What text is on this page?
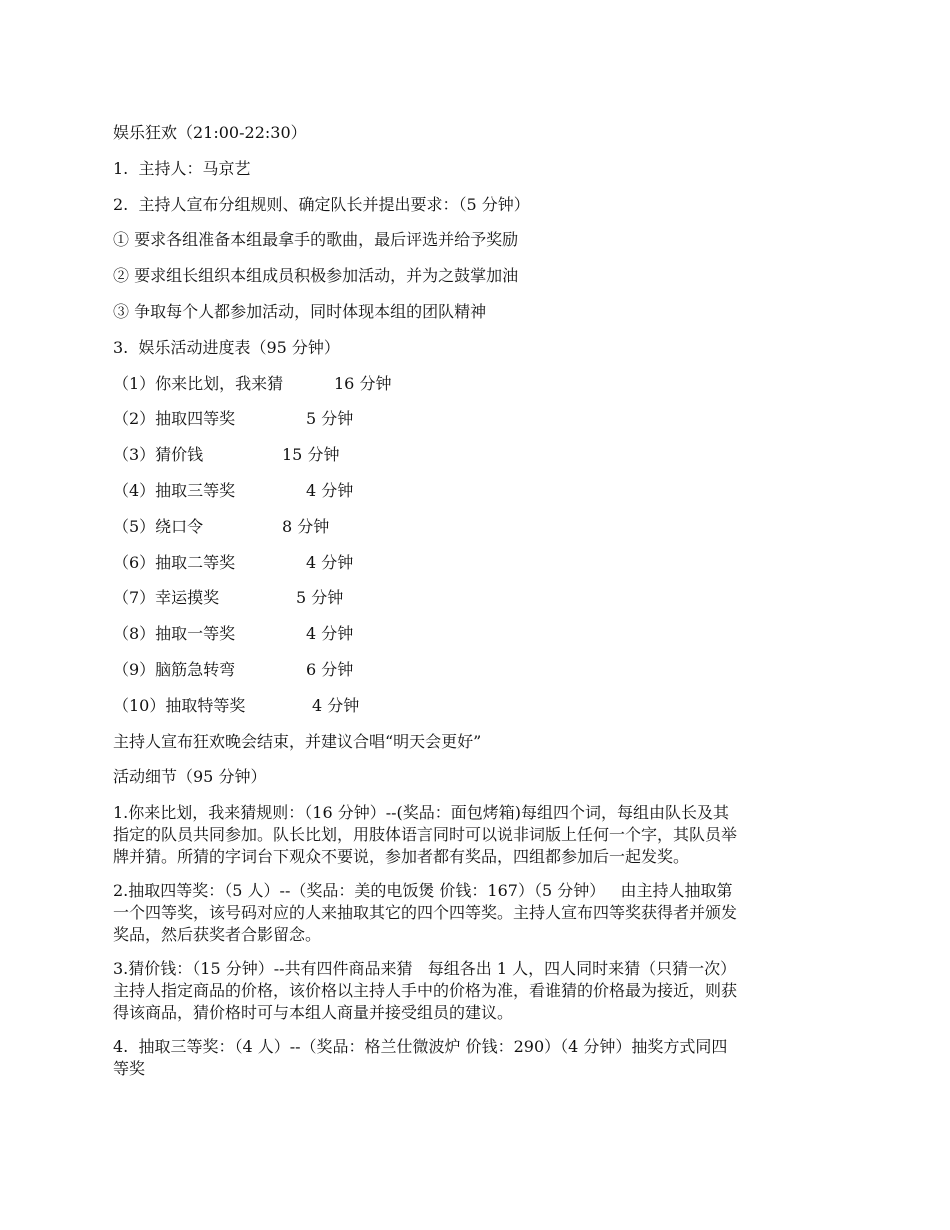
娱乐狂欢（21:00-22:30）
1.  主持人：马京艺
2.  主持人宣布分组规则、确定队长并提出要求：（5 分钟）
① 要求各组准备本组最拿手的歌曲，最后评选并给予奖励
② 要求组长组织本组成员积极参加活动，并为之鼓掌加油
③ 争取每个人都参加活动，同时体现本组的团队精神
3.  娱乐活动进度表（95 分钟）
（1）你来比划，我来猜	16 分钟
（2）抽取四等奖	5 分钟
（3）猜价钱	15 分钟
（4）抽取三等奖	4 分钟
（5）绕口令	8 分钟
（6）抽取二等奖	4 分钟
（7）幸运摸奖	5 分钟
（8）抽取一等奖	4 分钟
（9）脑筋急转弯	6 分钟
（10）抽取特等奖	4 分钟
主持人宣布狂欢晚会结束，并建议合唱“明天会更好”
活动细节（95 分钟）

1.你来比划，我来猜规则：（16 分钟）--(奖品：面包烤箱)每组四个词，每组由队长及其

指定的队员共同参加。队长比划，用肢体语言同时可以说非词版上任何一个字，其队员举

牌并猜。所猜的字词台下观众不要说，参加者都有奖品，四组都参加后一起发奖。

2.抽取四等奖：（5 人）--（奖品：美的电饭煲 价钱：167）（5 分钟）   由主持人抽取第

一个四等奖，该号码对应的人来抽取其它的四个四等奖。主持人宣布四等奖获得者并颁发

奖品，然后获奖者合影留念。

3.猜价钱：（15 分钟）--共有四件商品来猜   每组各出 1 人，四人同时来猜（只猜一次）

主持人指定商品的价格，该价格以主持人手中的价格为准，看谁猜的价格最为接近，则获

得该商品，猜价格时可与本组人商量并接受组员的建议。

4.  抽取三等奖：（4 人）--（奖品：格兰仕微波炉 价钱：290）（4 分钟）抽奖方式同四

等奖
